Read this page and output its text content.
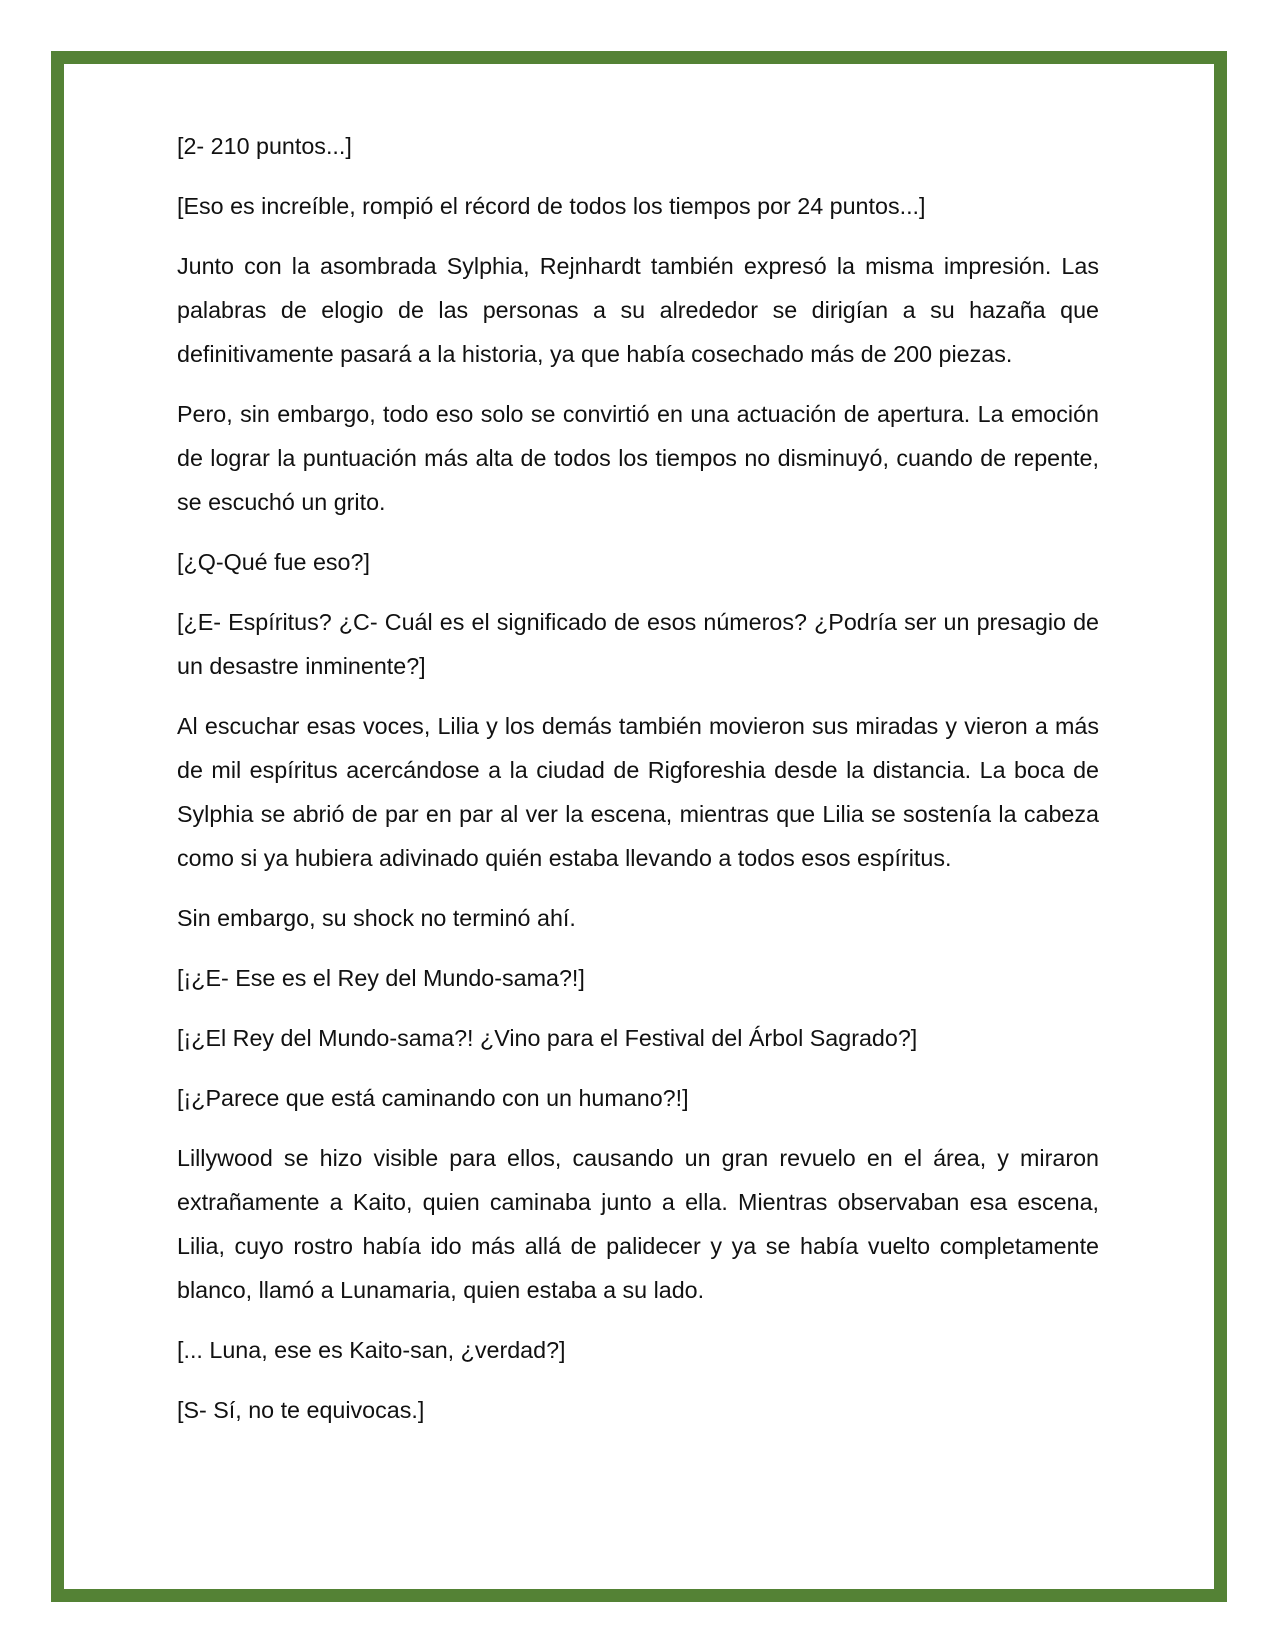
[2- 210 puntos...]

[Eso es increíble, rompió el récord de todos los tiempos por 24 puntos...]

Junto con la asombrada Sylphia, Rejnhardt también expresó la misma impresión. Las palabras de elogio de las personas a su alrededor se dirigían a su hazaña que definitivamente pasará a la historia, ya que había cosechado más de 200 piezas.

Pero, sin embargo, todo eso solo se convirtió en una actuación de apertura. La emoción de lograr la puntuación más alta de todos los tiempos no disminuyó, cuando de repente, se escuchó un grito.

[¿Q-Qué fue eso?]

[¿E- Espíritus? ¿C- Cuál es el significado de esos números? ¿Podría ser un presagio de un desastre inminente?]

Al escuchar esas voces, Lilia y los demás también movieron sus miradas y vieron a más de mil espíritus acercándose a la ciudad de Rigforeshia desde la distancia. La boca de Sylphia se abrió de par en par al ver la escena, mientras que Lilia se sostenía la cabeza como si ya hubiera adivinado quién estaba llevando a todos esos espíritus.

Sin embargo, su shock no terminó ahí.

[¡¿E- Ese es el Rey del Mundo-sama?!]

[¡¿El Rey del Mundo-sama?! ¿Vino para el Festival del Árbol Sagrado?]

[¡¿Parece que está caminando con un humano?!]

Lillywood se hizo visible para ellos, causando un gran revuelo en el área, y miraron extrañamente a Kaito, quien caminaba junto a ella. Mientras observaban esa escena, Lilia, cuyo rostro había ido más allá de palidecer y ya se había vuelto completamente blanco, llamó a Lunamaria, quien estaba a su lado.

[... Luna, ese es Kaito-san, ¿verdad?]

[S- Sí, no te equivocas.]
